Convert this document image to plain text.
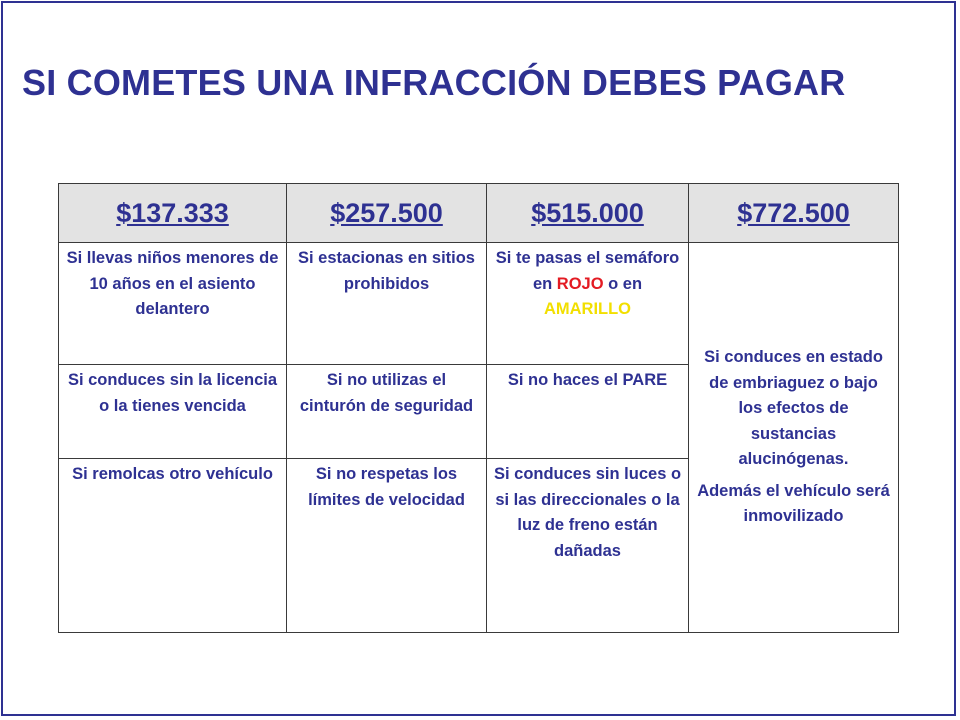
SI COMETES UNA INFRACCIÓN DEBES PAGAR
$137.333	$257.500	$515.000	$772.500
Si llevas niños menores de 10 años en el asiento delantero	Si estacionas en sitios prohibidos	Si te pasas el semáforo en ROJO o en AMARILLO	Si conduces en estado de embriaguez o bajo los efectos de sustancias alucinógenas.

Además el vehículo será inmovilizado

Si conduces sin la licencia o la tienes vencida	Si no utilizas el cinturón de seguridad	Si no haces el PARE	
Si remolcas otro vehículo	Si no respetas los límites de velocidad	Si conduces sin luces o si las direccionales o la luz de freno están dañadas	
